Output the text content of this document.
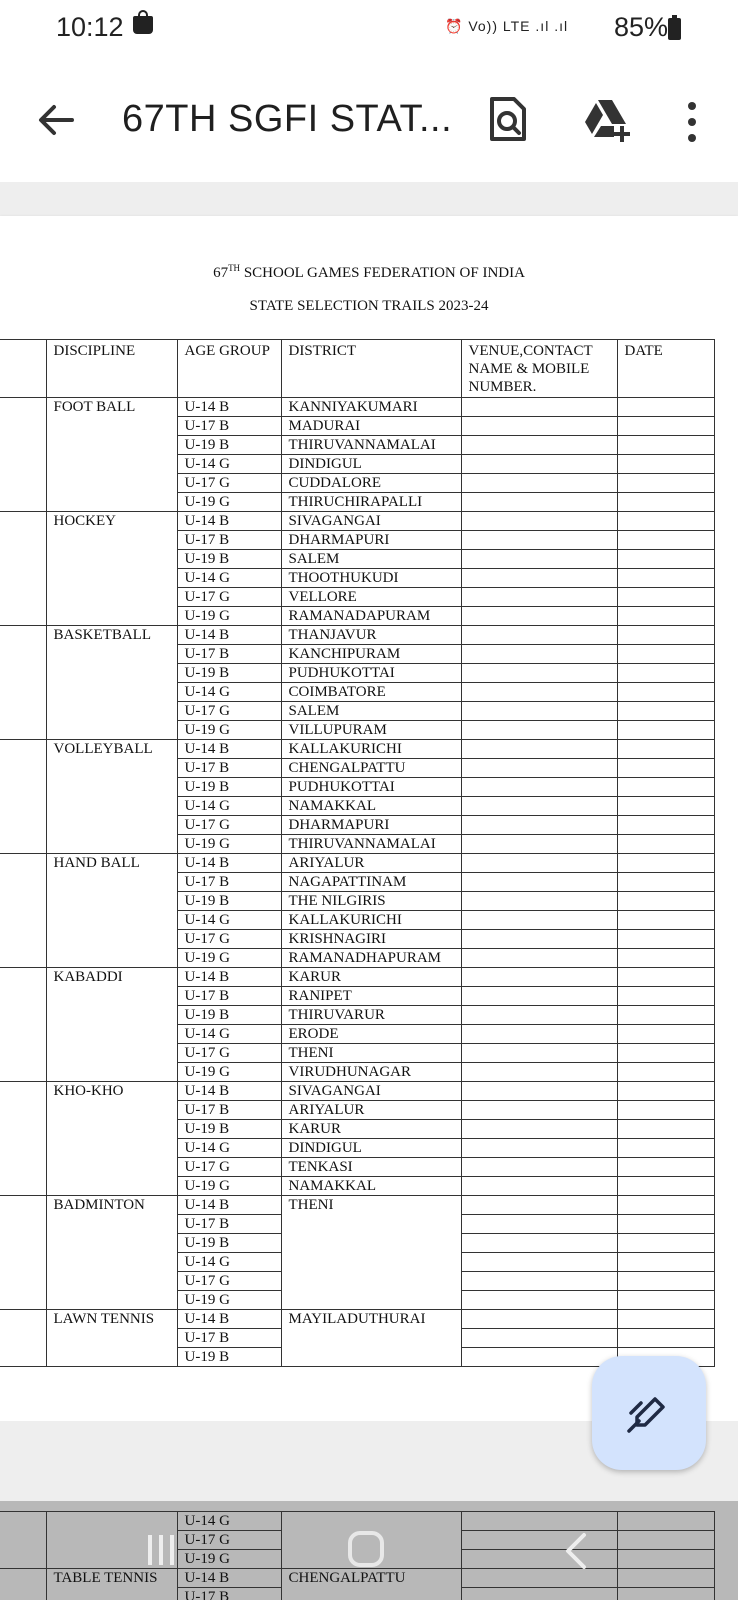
10:12	⏰ Vo)) LTE .ıl .ıl 85%
67TH SGFI STAT...
67TH SCHOOL GAMES FEDERATION OF INDIA
STATE SELECTION TRAILS 2023-24
	DISCIPLINE	AGE GROUP	DISTRICT	VENUE,CONTACT NAME & MOBILE NUMBER.	DATE
	FOOT BALL	U-14 B	KANNIYAKUMARI		
		U-17 B	MADURAI		
		U-19 B	THIRUVANNAMALAI		
		U-14 G	DINDIGUL		
		U-17 G	CUDDALORE		
		U-19 G	THIRUCHIRAPALLI		
	HOCKEY	U-14 B	SIVAGANGAI		
		U-17 B	DHARMAPURI		
		U-19 B	SALEM		
		U-14 G	THOOTHUKUDI		
		U-17 G	VELLORE		
		U-19 G	RAMANADAPURAM		
	BASKETBALL	U-14 B	THANJAVUR		
		U-17 B	KANCHIPURAM		
		U-19 B	PUDHUKOTTAI		
		U-14 G	COIMBATORE		
		U-17 G	SALEM		
		U-19 G	VILLUPURAM		
	VOLLEYBALL	U-14 B	KALLAKURICHI		
		U-17 B	CHENGALPATTU		
		U-19 B	PUDHUKOTTAI		
		U-14 G	NAMAKKAL		
		U-17 G	DHARMAPURI		
		U-19 G	THIRUVANNAMALAI		
	HAND BALL	U-14 B	ARIYALUR		
		U-17 B	NAGAPATTINAM		
		U-19 B	THE NILGIRIS		
		U-14 G	KALLAKURICHI		
		U-17 G	KRISHNAGIRI		
		U-19 G	RAMANADHAPURAM		
	KABADDI	U-14 B	KARUR		
		U-17 B	RANIPET		
		U-19 B	THIRUVARUR		
		U-14 G	ERODE		
		U-17 G	THENI		
		U-19 G	VIRUDHUNAGAR		
	KHO-KHO	U-14 B	SIVAGANGAI		
		U-17 B	ARIYALUR		
		U-19 B	KARUR		
		U-14 G	DINDIGUL		
		U-17 G	TENKASI		
		U-19 G	NAMAKKAL		
	BADMINTON	U-14 B	THENI		
		U-17 B			
		U-19 B			
		U-14 G			
		U-17 G			
		U-19 G			
	LAWN TENNIS	U-14 B	MAYILADUTHURAI		
		U-17 B			
		U-19 B			
		U-14 G			
		U-17 G			
		U-19 G			
	TABLE TENNIS	U-14 B	CHENGALPATTU		
		U-17 B			
